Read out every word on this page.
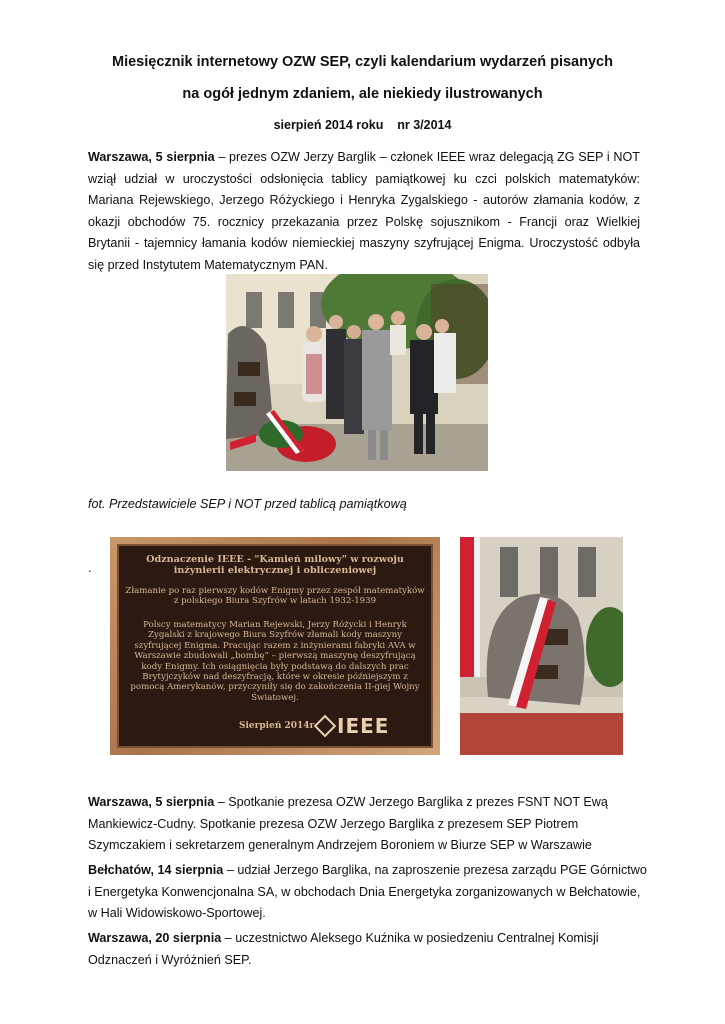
Miesięcznik internetowy OZW SEP, czyli kalendarium wydarzeń pisanych
na ogół jednym zdaniem, ale niekiedy ilustrowanych
sierpień 2014 roku    nr 3/2014
Warszawa, 5 sierpnia – prezes OZW Jerzy Barglik – członek IEEE wraz delegacją ZG SEP i NOT wziął udział w uroczystości odsłonięcia tablicy pamiątkowej ku czci polskich matematyków: Mariana Rejewskiego, Jerzego Różyckiego i Henryka Zygalskiego - autorów złamania kodów, z okazji obchodów 75. rocznicy przekazania przez Polskę sojusznikom - Francji oraz Wielkiej Brytanii - tajemnicy łamania kodów niemieckiej maszyny szyfrującej Enigma. Uroczystość odbyła się przed Instytutem Matematycznym PAN.
fot. Przedstawiciele SEP i NOT przed tablicą pamiątkową
.
Odznaczenie IEEE - "Kamień milowy" w rozwoju inżynierii elektrycznej i obliczeniowej
Złamanie po raz pierwszy kodów Enigmy przez zespół matematyków z polskiego Biura Szyfrów w latach 1932-1939
Polscy matematycy Marian Rejewski, Jerzy Różycki i Henryk Zygalski z krajowego Biura Szyfrów złamali kody maszyny szyfrującej Enigma. Pracując razem z inżynierami fabryki AVA w Warszawie zbudowali „bombę” – pierwszą maszynę deszyfrującą kody Enigmy. Ich osiągnięcia były podstawą do dalszych prac Brytyjczyków nad deszyfracją, które w okresie późniejszym z pomocą Amerykanów, przyczyniły się do zakończenia II-giej Wojny Światowej.
Sierpień 2014r IEEE
Warszawa, 5 sierpnia – Spotkanie prezesa OZW Jerzego Barglika z prezes FSNT NOT Ewą Mankiewicz-Cudny. Spotkanie prezesa OZW Jerzego Barglika z prezesem SEP Piotrem Szymczakiem i sekretarzem generalnym Andrzejem Boroniem w Biurze SEP w Warszawie
Bełchatów, 14 sierpnia – udział Jerzego Barglika, na zaproszenie prezesa zarządu PGE Górnictwo i Energetyka Konwencjonalna SA, w obchodach Dnia Energetyka zorganizowanych w Bełchatowie, w Hali Widowiskowo-Sportowej.
Warszawa, 20 sierpnia – uczestnictwo Aleksego Kuźnika w posiedzeniu Centralnej Komisji Odznaczeń i Wyróżnień SEP.
